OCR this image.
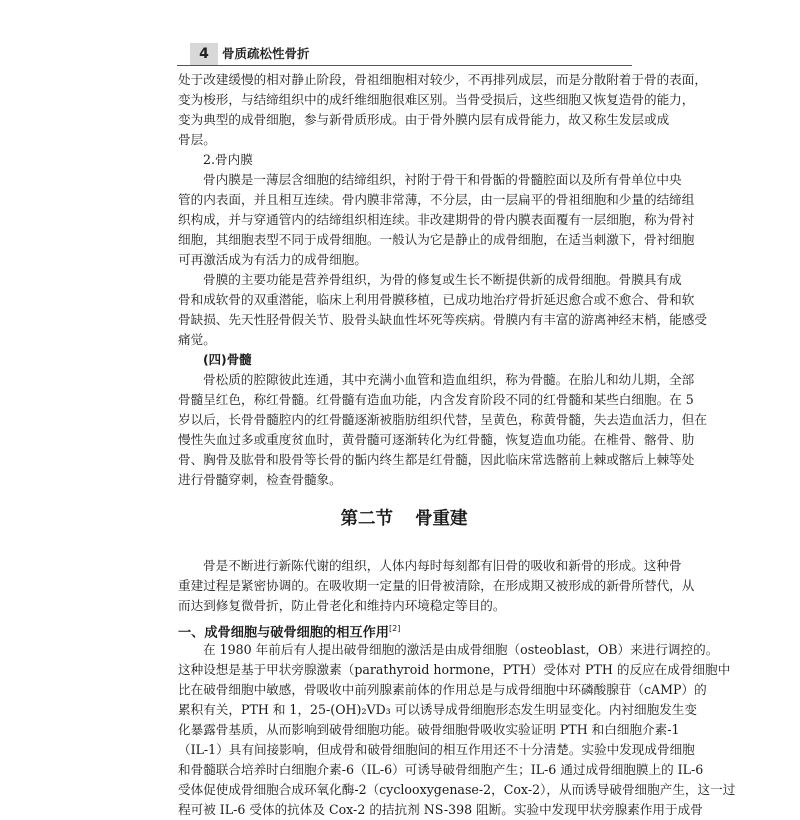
4	骨质疏松性骨折
处于改建缓慢的相对静止阶段，骨祖细胞相对较少，不再排列成层，而是分散附着于骨的表面，
变为梭形，与结缔组织中的成纤维细胞很难区别。当骨受损后，这些细胞又恢复造骨的能力，
变为典型的成骨细胞，参与新骨质形成。由于骨外膜内层有成骨能力，故又称生发层或成
骨层。
2.骨内膜
骨内膜是一薄层含细胞的结缔组织，衬附于骨干和骨骺的骨髓腔面以及所有骨单位中央
管的内表面，并且相互连续。骨内膜非常薄，不分层，由一层扁平的骨祖细胞和少量的结缔组
织构成，并与穿通管内的结缔组织相连续。非改建期骨的骨内膜表面覆有一层细胞，称为骨衬
细胞，其细胞表型不同于成骨细胞。一般认为它是静止的成骨细胞，在适当刺激下，骨衬细胞
可再激活成为有活力的成骨细胞。
骨膜的主要功能是营养骨组织，为骨的修复或生长不断提供新的成骨细胞。骨膜具有成
骨和成软骨的双重潜能，临床上利用骨膜移植，已成功地治疗骨折延迟愈合或不愈合、骨和软
骨缺损、先天性胫骨假关节、股骨头缺血性坏死等疾病。骨膜内有丰富的游离神经末梢，能感受
痛觉。
(四)骨髓
骨松质的腔隙彼此连通，其中充满小血管和造血组织，称为骨髓。在胎儿和幼儿期，全部
骨髓呈红色，称红骨髓。红骨髓有造血功能，内含发育阶段不同的红骨髓和某些白细胞。在 5
岁以后，长骨骨髓腔内的红骨髓逐渐被脂肪组织代替，呈黄色，称黄骨髓，失去造血活力，但在
慢性失血过多或重度贫血时，黄骨髓可逐渐转化为红骨髓，恢复造血功能。在椎骨、髂骨、肋
骨、胸骨及肱骨和股骨等长骨的骺内终生都是红骨髓，因此临床常选髂前上棘或髂后上棘等处
进行骨髓穿刺，检查骨髓象。
第二节 骨重建
骨是不断进行新陈代谢的组织，人体内每时每刻都有旧骨的吸收和新骨的形成。这种骨
重建过程是紧密协调的。在吸收期一定量的旧骨被清除，在形成期又被形成的新骨所替代，从
而达到修复微骨折，防止骨老化和维持内环境稳定等目的。
一、成骨细胞与破骨细胞的相互作用[2]
在 1980 年前后有人提出破骨细胞的激活是由成骨细胞（osteoblast，OB）来进行调控的。
这种设想是基于甲状旁腺激素（parathyroid hormone，PTH）受体对 PTH 的反应在成骨细胞中
比在破骨细胞中敏感，骨吸收中前列腺素前体的作用总是与成骨细胞中环磷酸腺苷（cAMP）的
累积有关，PTH 和 1，25-(OH)₂VD₃ 可以诱导成骨细胞形态发生明显变化。内衬细胞发生变
化暴露骨基质，从而影响到破骨细胞功能。破骨细胞骨吸收实验证明 PTH 和白细胞介素-1
（IL-1）具有间接影响，但成骨和破骨细胞间的相互作用还不十分清楚。实验中发现成骨细胞
和骨髓联合培养时白细胞介素-6（IL-6）可诱导破骨细胞产生；IL-6 通过成骨细胞膜上的 IL-6
受体促使成骨细胞合成环氧化酶-2（cyclooxygenase-2，Cox-2），从而诱导破骨细胞产生，这一过
程可被 IL-6 受体的抗体及 Cox-2 的拮抗剂 NS-398 阻断。实验中发现甲状旁腺素作用于成骨
